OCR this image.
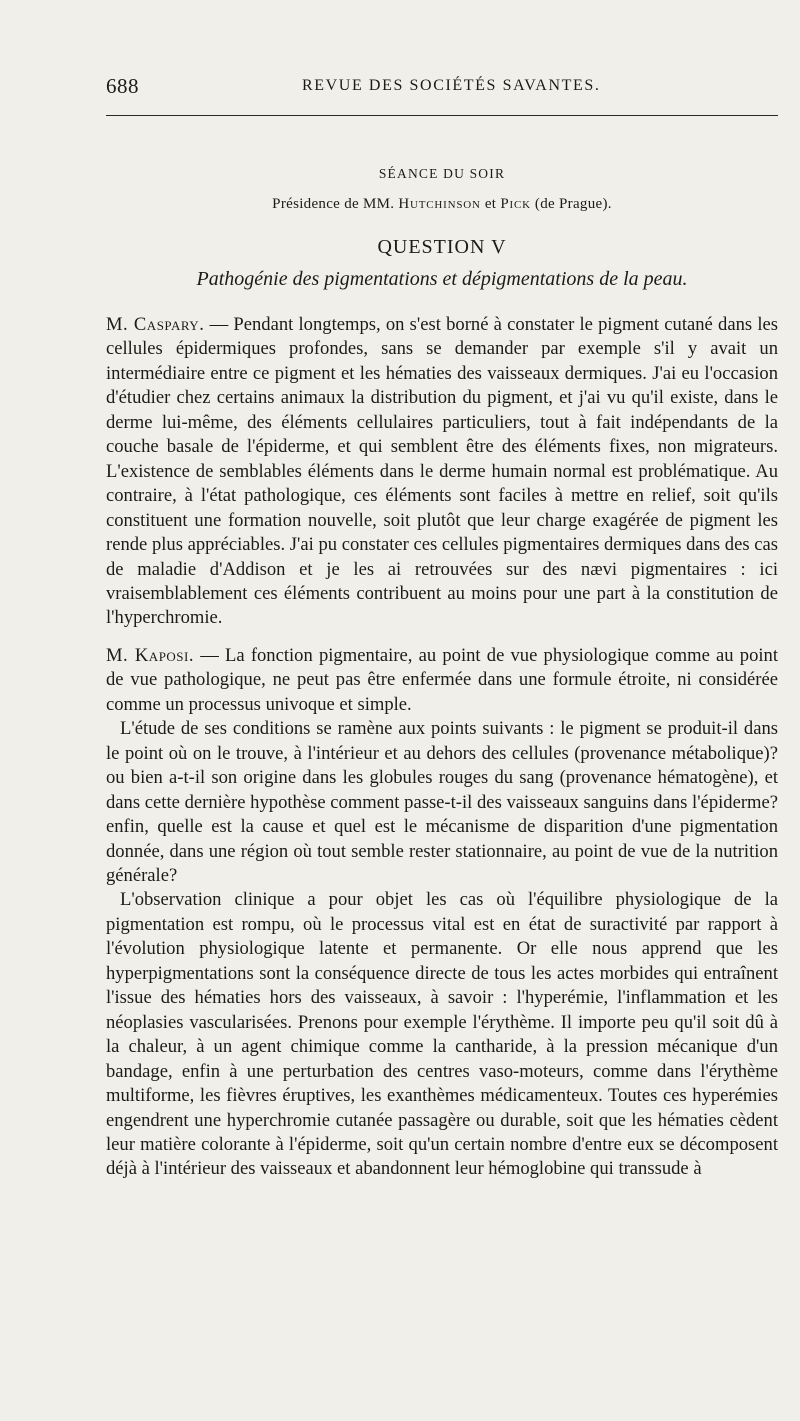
688	REVUE DES SOCIÉTÉS SAVANTES.
SÉANCE DU SOIR
Présidence de MM. Hutchinson et Pick (de Prague).
QUESTION V
Pathogénie des pigmentations et dépigmentations de la peau.

M. Caspary. — Pendant longtemps, on s'est borné à constater le pigment cutané dans les cellules épidermiques profondes, sans se demander par exemple s'il y avait un intermédiaire entre ce pigment et les hématies des vaisseaux dermiques. J'ai eu l'occasion d'étudier chez certains animaux la distribution du pigment, et j'ai vu qu'il existe, dans le derme lui-même, des éléments cellulaires particuliers, tout à fait indépendants de la couche basale de l'épiderme, et qui semblent être des éléments fixes, non migrateurs. L'existence de semblables éléments dans le derme humain normal est problématique. Au contraire, à l'état pathologique, ces éléments sont faciles à mettre en relief, soit qu'ils constituent une formation nouvelle, soit plutôt que leur charge exagérée de pigment les rende plus appréciables. J'ai pu constater ces cellules pigmentaires dermiques dans des cas de maladie d'Addison et je les ai retrouvées sur des nævi pigmentaires : ici vraisemblablement ces éléments contribuent au moins pour une part à la constitution de l'hyperchromie.

M. Kaposi. — La fonction pigmentaire, au point de vue physiologique comme au point de vue pathologique, ne peut pas être enfermée dans une formule étroite, ni considérée comme un processus univoque et simple.

L'étude de ses conditions se ramène aux points suivants : le pigment se produit-il dans le point où on le trouve, à l'intérieur et au dehors des cellules (provenance métabolique)? ou bien a-t-il son origine dans les globules rouges du sang (provenance hématogène), et dans cette dernière hypothèse comment passe-t-il des vaisseaux sanguins dans l'épiderme? enfin, quelle est la cause et quel est le mécanisme de disparition d'une pigmentation donnée, dans une région où tout semble rester stationnaire, au point de vue de la nutrition générale?

L'observation clinique a pour objet les cas où l'équilibre physiologique de la pigmentation est rompu, où le processus vital est en état de suractivité par rapport à l'évolution physiologique latente et permanente. Or elle nous apprend que les hyperpigmentations sont la conséquence directe de tous les actes morbides qui entraînent l'issue des hématies hors des vaisseaux, à savoir : l'hyperémie, l'inflammation et les néoplasies vascularisées. Prenons pour exemple l'érythème. Il importe peu qu'il soit dû à la chaleur, à un agent chimique comme la cantharide, à la pression mécanique d'un bandage, enfin à une perturbation des centres vaso-moteurs, comme dans l'érythème multiforme, les fièvres éruptives, les exanthèmes médicamenteux. Toutes ces hyperémies engendrent une hyperchromie cutanée passagère ou durable, soit que les hématies cèdent leur matière colorante à l'épiderme, soit qu'un certain nombre d'entre eux se décomposent déjà à l'intérieur des vaisseaux et abandonnent leur hémoglobine qui transsude à
